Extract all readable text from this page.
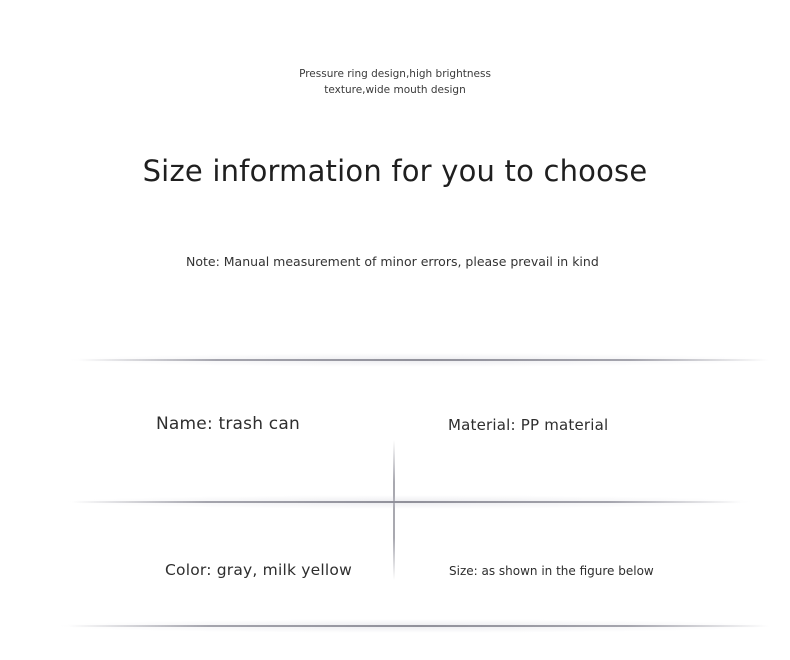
Pressure ring design,high brightness
texture,wide mouth design
Size information for you to choose
Note: Manual measurement of minor errors, please prevail in kind
Name: trash can	Material: PP material
Color: gray, milk yellow	Size: as shown in the figure below
